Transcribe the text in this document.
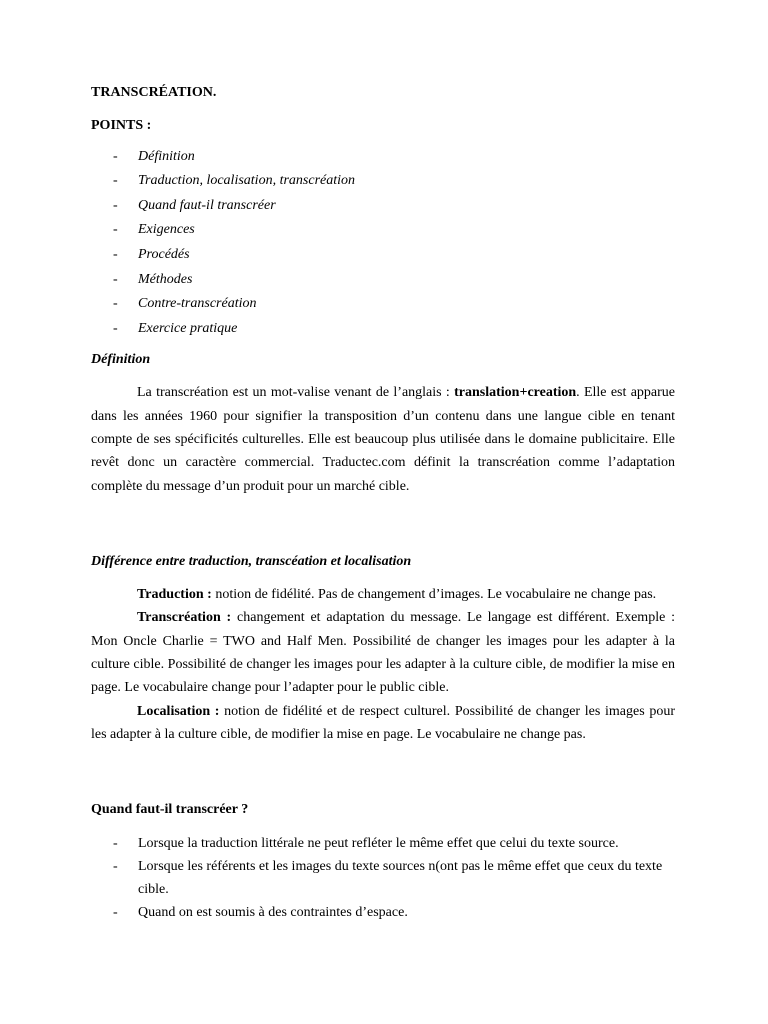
TRANSCRÉATION.
POINTS :
- Définition
- Traduction, localisation, transcréation
- Quand faut-il transcréer
- Exigences
- Procédés
- Méthodes
- Contre-transcréation
- Exercice pratique
Définition

La transcréation est un mot-valise venant de l’anglais : translation+creation. Elle est apparue dans les années 1960 pour signifier la transposition d’un contenu dans une langue cible en tenant compte de ses spécificités culturelles. Elle est beaucoup plus utilisée dans le domaine publicitaire. Elle revêt donc un caractère commercial. Traductec.com définit la transcréation comme l’adaptation complète du message d’un produit pour un marché cible.

Différence entre traduction, transcéation et localisation

Traduction : notion de fidélité. Pas de changement d’images. Le vocabulaire ne change pas.

Transcréation : changement et adaptation du message. Le langage est différent. Exemple : Mon Oncle Charlie = TWO and Half Men. Possibilité de changer les images pour les adapter à la culture cible. Possibilité de changer les images pour les adapter à la culture cible, de modifier la mise en page. Le vocabulaire change pour l’adapter pour le public cible.

Localisation : notion de fidélité et de respect culturel. Possibilité de changer les images pour les adapter à la culture cible, de modifier la mise en page. Le vocabulaire ne change pas.

Quand faut-il transcréer ?
- Lorsque la traduction littérale ne peut refléter le même effet que celui du texte source.
- Lorsque les référents et les images du texte sources n(ont pas le même effet que ceux du texte cible.
- Quand on est soumis à des contraintes d’espace.
